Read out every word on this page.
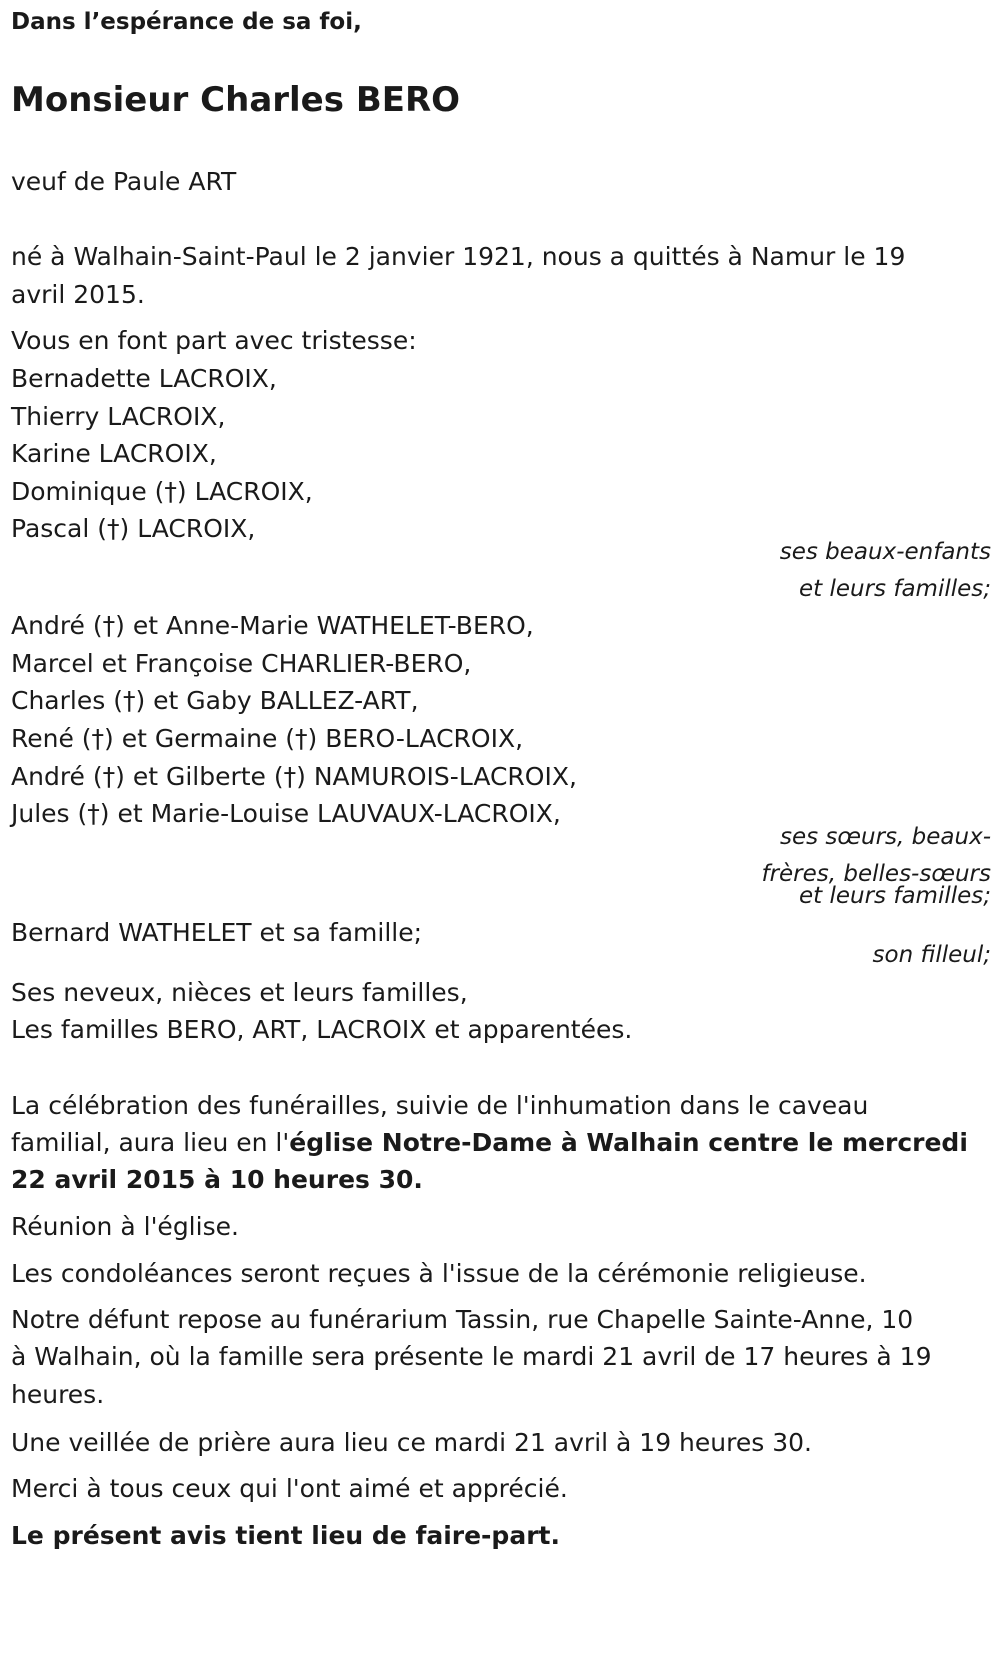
Dans l’espérance de sa foi,
Monsieur Charles BERO
veuf de Paule ART
né à Walhain-Saint-Paul le 2 janvier 1921, nous a quittés à Namur le 19
avril 2015.
Vous en font part avec tristesse:
Bernadette LACROIX,
Thierry LACROIX,
Karine LACROIX,
Dominique (†) LACROIX,
Pascal (†) LACROIX,
ses beaux-enfants
et leurs familles;
André (†) et Anne-Marie WATHELET-BERO,
Marcel et Françoise CHARLIER-BERO,
Charles (†) et Gaby BALLEZ-ART,
René (†) et Germaine (†) BERO-LACROIX,
André (†) et Gilberte (†) NAMUROIS-LACROIX,
Jules (†) et Marie-Louise LAUVAUX-LACROIX,
ses sœurs, beaux-
frères, belles-sœurs
et leurs familles;
Bernard WATHELET et sa famille;
son filleul;
Ses neveux, nièces et leurs familles,
Les familles BERO, ART, LACROIX et apparentées.
La célébration des funérailles, suivie de l'inhumation dans le caveau
familial, aura lieu en l'église Notre-Dame à Walhain centre le mercredi
22 avril 2015 à 10 heures 30.
Réunion à l'église.
Les condoléances seront reçues à l'issue de la cérémonie religieuse.
Notre défunt repose au funérarium Tassin, rue Chapelle Sainte-Anne, 10
à Walhain, où la famille sera présente le mardi 21 avril de 17 heures à 19
heures.
Une veillée de prière aura lieu ce mardi 21 avril à 19 heures 30.
Merci à tous ceux qui l'ont aimé et apprécié.
Le présent avis tient lieu de faire-part.
